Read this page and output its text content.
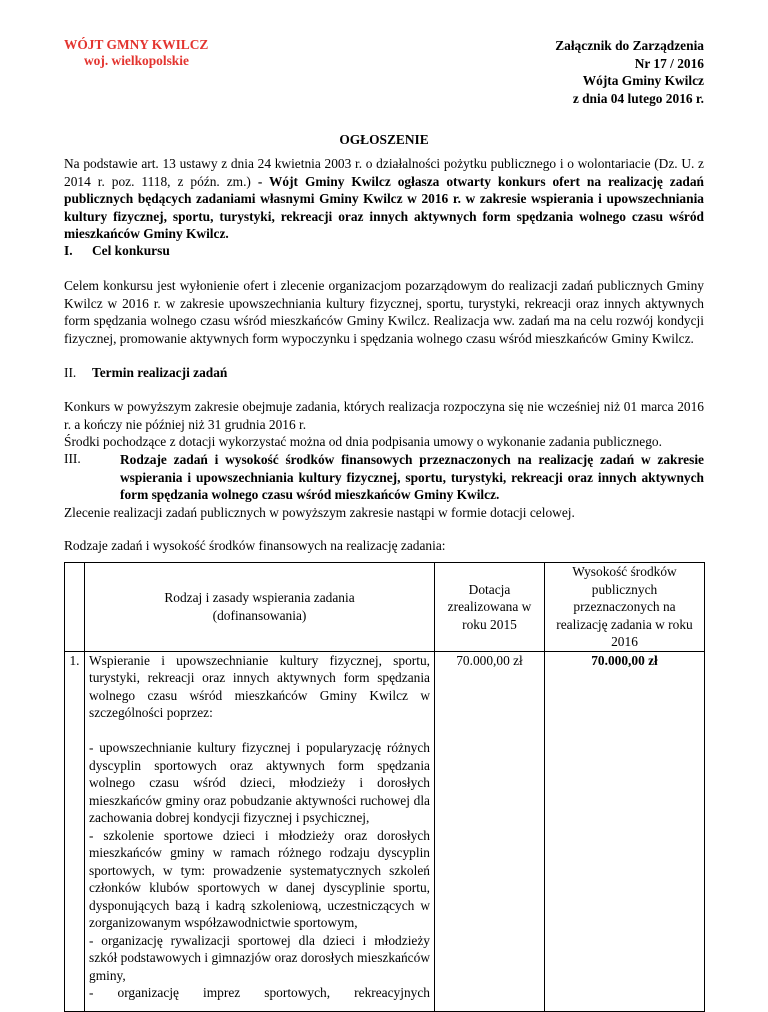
WÓJT GMNY KWILCZ
woj. wielkopolskie
Załącznik do Zarządzenia
Nr 17 / 2016
Wójta Gminy Kwilcz
z dnia 04 lutego 2016 r.
OGŁOSZENIE
Na podstawie art. 13 ustawy z dnia 24 kwietnia 2003 r. o działalności pożytku publicznego i o wolontariacie (Dz. U. z 2014 r. poz. 1118, z późn. zm.) - Wójt Gminy Kwilcz ogłasza otwarty konkurs ofert na realizację zadań publicznych będących zadaniami własnymi Gminy Kwilcz w 2016 r. w zakresie wspierania i upowszechniania kultury fizycznej, sportu, turystyki, rekreacji oraz innych aktywnych form spędzania wolnego czasu wśród mieszkańców Gminy Kwilcz.
I. Cel konkursu
Celem konkursu jest wyłonienie ofert i zlecenie organizacjom pozarządowym do realizacji zadań publicznych Gminy Kwilcz w 2016 r. w zakresie upowszechniania kultury fizycznej, sportu, turystyki, rekreacji oraz innych aktywnych form spędzania wolnego czasu wśród mieszkańców Gminy Kwilcz. Realizacja ww. zadań ma na celu rozwój kondycji fizycznej, promowanie aktywnych form wypoczynku i spędzania wolnego czasu wśród mieszkańców Gminy Kwilcz.
II. Termin realizacji zadań
Konkurs w powyższym zakresie obejmuje zadania, których realizacja rozpoczyna się nie wcześniej niż 01 marca 2016 r. a kończy nie później niż 31 grudnia 2016 r.
Środki pochodzące z dotacji wykorzystać można od dnia podpisania umowy o wykonanie zadania publicznego.
III.	Rodzaje zadań i wysokość środków finansowych przeznaczonych na realizację zadań w zakresie wspierania i upowszechniania kultury fizycznej, sportu, turystyki, rekreacji oraz innych aktywnych form spędzania wolnego czasu wśród mieszkańców Gminy Kwilcz.
Zlecenie realizacji zadań publicznych w powyższym zakresie nastąpi w formie dotacji celowej.
Rodzaje zadań i wysokość środków finansowych na realizację zadania:
	Rodzaj i zasady wspierania zadania (dofinansowania)	Dotacja zrealizowana w roku 2015	Wysokość środków publicznych przeznaczonych na realizację zadania w roku 2016
1.	Wspieranie i upowszechnianie kultury fizycznej, sportu, turystyki, rekreacji oraz innych aktywnych form spędzania wolnego czasu wśród mieszkańców Gminy Kwilcz w szczególności poprzez:

- upowszechnianie kultury fizycznej i popularyzację różnych dyscyplin sportowych oraz aktywnych form spędzania wolnego czasu wśród dzieci, młodzieży i dorosłych mieszkańców gminy oraz pobudzanie aktywności ruchowej dla zachowania dobrej kondycji fizycznej i psychicznej,

- szkolenie sportowe dzieci i młodzieży oraz dorosłych mieszkańców gminy w ramach różnego rodzaju dyscyplin sportowych, w tym: prowadzenie systematycznych szkoleń członków klubów sportowych w danej dyscyplinie sportu, dysponujących bazą i kadrą szkoleniową, uczestniczących w zorganizowanym współzawodnictwie sportowym,

- organizację rywalizacji sportowej dla dzieci i młodzieży szkół podstawowych i gimnazjów oraz dorosłych mieszkańców gminy,

- organizację imprez sportowych, rekreacyjnych	70.000,00 zł	70.000,00 zł
